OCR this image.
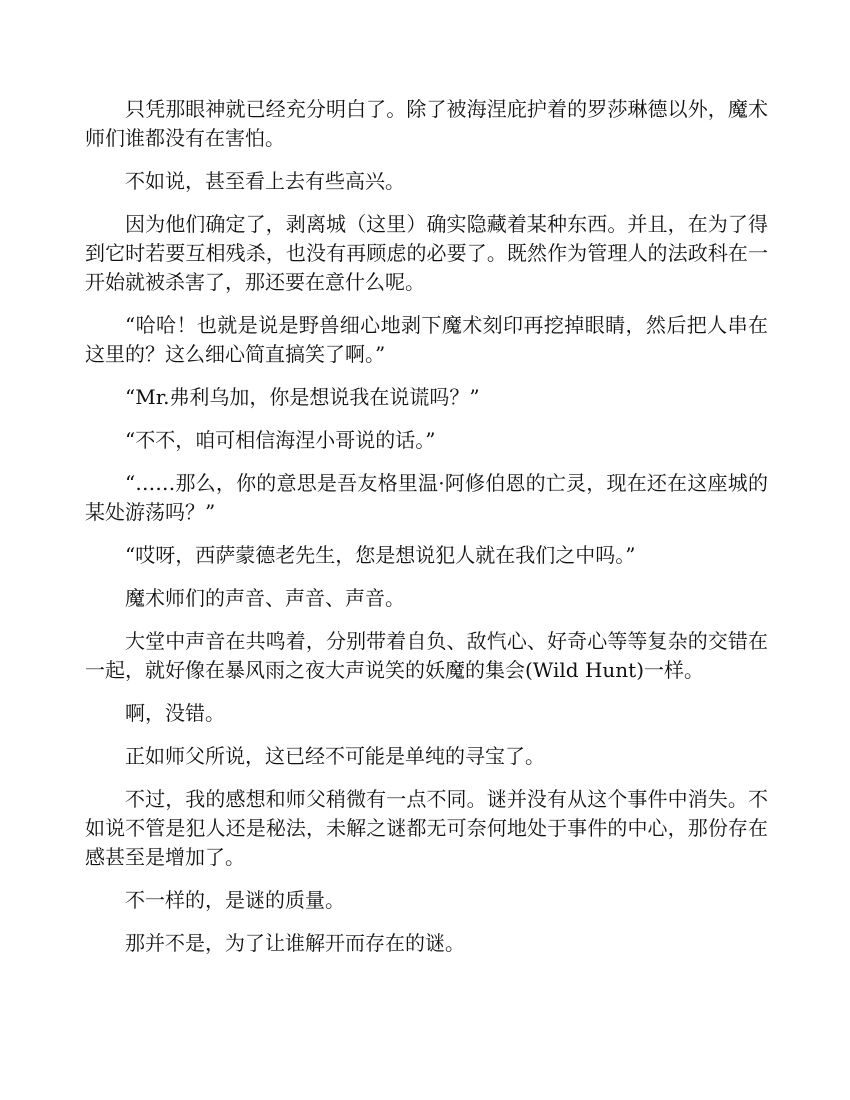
只凭那眼神就已经充分明白了。除了被海涅庇护着的罗莎琳德以外，魔术师们谁都没有在害怕。

不如说，甚至看上去有些高兴。

因为他们确定了，剥离城（这里）确实隐藏着某种东西。并且，在为了得到它时若要互相残杀，也没有再顾虑的必要了。既然作为管理人的法政科在一开始就被杀害了，那还要在意什么呢。

“哈哈！也就是说是野兽细心地剥下魔术刻印再挖掉眼睛，然后把人串在这里的？这么细心简直搞笑了啊。”

“Mr.弗利乌加，你是想说我在说谎吗？”

“不不，咱可相信海涅小哥说的话。”

“……那么，你的意思是吾友格里温·阿修伯恩的亡灵，现在还在这座城的某处游荡吗？”

“哎呀，西萨蒙德老先生，您是想说犯人就在我们之中吗。”

魔术师们的声音、声音、声音。

大堂中声音在共鸣着，分别带着自负、敌忾心、好奇心等等复杂的交错在一起，就好像在暴风雨之夜大声说笑的妖魔的集会(Wild Hunt)一样。

啊，没错。

正如师父所说，这已经不可能是单纯的寻宝了。

不过，我的感想和师父稍微有一点不同。谜并没有从这个事件中消失。不如说不管是犯人还是秘法，未解之谜都无可奈何地处于事件的中心，那份存在感甚至是增加了。

不一样的，是谜的质量。

那并不是，为了让谁解开而存在的谜。
